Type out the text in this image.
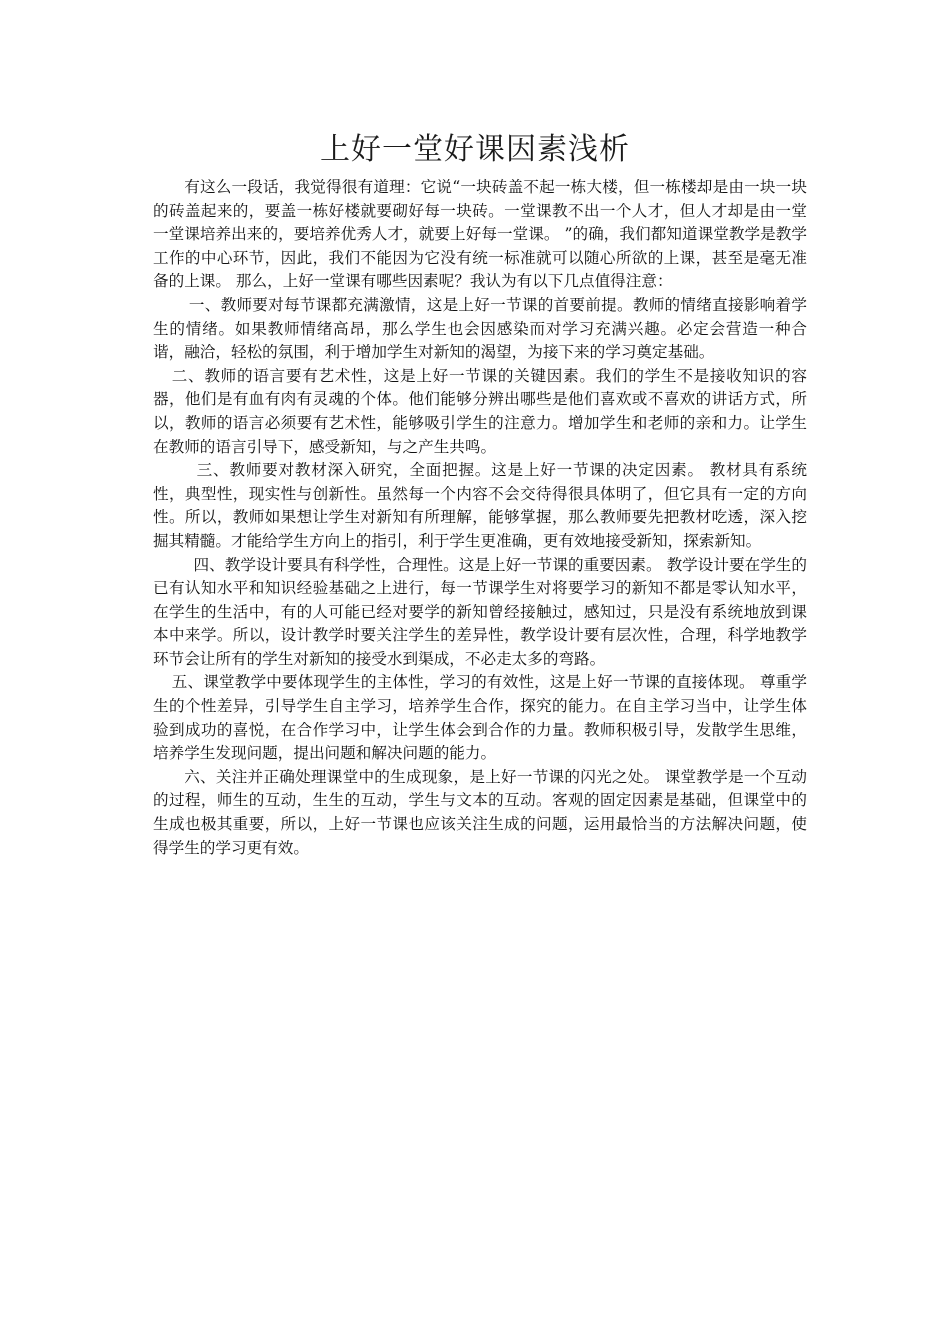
上好一堂好课因素浅析

有这么一段话，我觉得很有道理：它说“一块砖盖不起一栋大楼，但一栋楼却是由一块一块的砖盖起来的，要盖一栋好楼就要砌好每一块砖。一堂课教不出一个人才，但人才却是由一堂一堂课培养出来的，要培养优秀人才，就要上好每一堂课。 ”的确，我们都知道课堂教学是教学工作的中心环节，因此，我们不能因为它没有统一标准就可以随心所欲的上课，甚至是毫无准备的上课。 那么，上好一堂课有哪些因素呢？我认为有以下几点值得注意：

一、教师要对每节课都充满激情，这是上好一节课的首要前提。教师的情绪直接影响着学生的情绪。如果教师情绪高昂，那么学生也会因感染而对学习充满兴趣。必定会营造一种合谐，融洽，轻松的氛围，利于增加学生对新知的渴望，为接下来的学习奠定基础。

二、教师的语言要有艺术性，这是上好一节课的关键因素。我们的学生不是接收知识的容器，他们是有血有肉有灵魂的个体。他们能够分辨出哪些是他们喜欢或不喜欢的讲话方式，所以，教师的语言必须要有艺术性，能够吸引学生的注意力。增加学生和老师的亲和力。让学生在教师的语言引导下，感受新知，与之产生共鸣。

三、教师要对教材深入研究，全面把握。这是上好一节课的决定因素。 教材具有系统性，典型性，现实性与创新性。虽然每一个内容不会交待得很具体明了，但它具有一定的方向性。所以，教师如果想让学生对新知有所理解，能够掌握，那么教师要先把教材吃透，深入挖掘其精髓。才能给学生方向上的指引，利于学生更准确，更有效地接受新知，探索新知。

四、教学设计要具有科学性，合理性。这是上好一节课的重要因素。 教学设计要在学生的已有认知水平和知识经验基础之上进行，每一节课学生对将要学习的新知不都是零认知水平，在学生的生活中，有的人可能已经对要学的新知曾经接触过，感知过，只是没有系统地放到课本中来学。所以，设计教学时要关注学生的差异性，教学设计要有层次性，合理，科学地教学环节会让所有的学生对新知的接受水到渠成，不必走太多的弯路。

五、课堂教学中要体现学生的主体性，学习的有效性，这是上好一节课的直接体现。 尊重学生的个性差异，引导学生自主学习，培养学生合作，探究的能力。在自主学习当中，让学生体验到成功的喜悦，在合作学习中，让学生体会到合作的力量。教师积极引导，发散学生思维，培养学生发现问题，提出问题和解决问题的能力。

六、关注并正确处理课堂中的生成现象，是上好一节课的闪光之处。 课堂教学是一个互动的过程，师生的互动，生生的互动，学生与文本的互动。客观的固定因素是基础，但课堂中的生成也极其重要，所以，上好一节课也应该关注生成的问题，运用最恰当的方法解决问题，使得学生的学习更有效。
